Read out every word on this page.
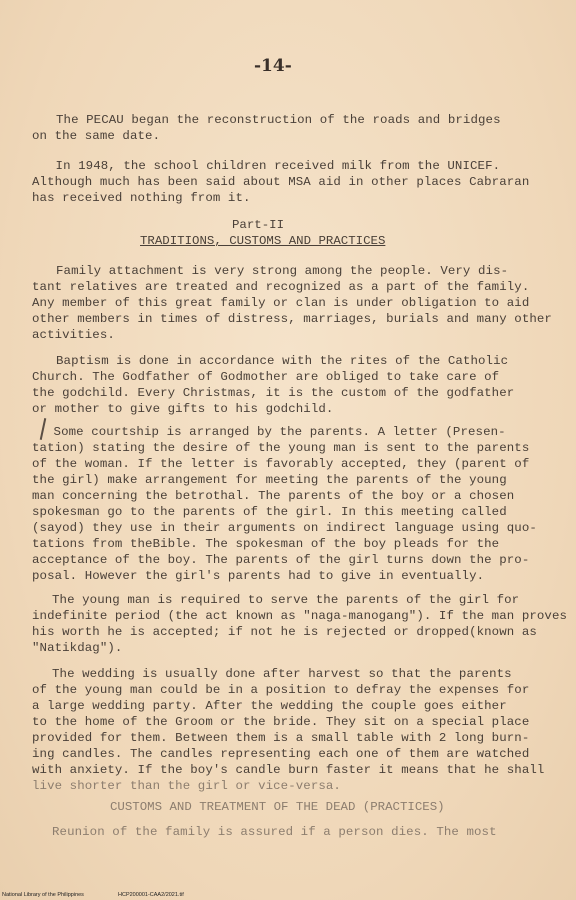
-14-
The PECAU began the reconstruction of the roads and bridges
on the same date.
In 1948, the school children received milk from the UNICEF.
Although much has been said about MSA aid in other places Cabraran
has received nothing from it.
Part-II
TRADITIONS, CUSTOMS AND PRACTICES
Family attachment is very strong among the people. Very dis-
tant relatives are treated and recognized as a part of the family.
Any member of this great family or clan is under obligation to aid
other members in times of distress, marriages, burials and many other
activities.
Baptism is done in accordance with the rites of the Catholic
Church. The Godfather of Godmother are obliged to take care of
the godchild. Every Christmas, it is the custom of the godfather
or mother to give gifts to his godchild.
Some courtship is arranged by the parents. A letter (Presen-
tation) stating the desire of the young man is sent to the parents
of the woman. If the letter is favorably accepted, they (parent of
the girl) make arrangement for meeting the parents of the young
man concerning the betrothal. The parents of the boy or a chosen
spokesman go to the parents of the girl. In this meeting called
(sayod) they use in their arguments on indirect language using quo-
tations from theBible. The spokesman of the boy pleads for the
acceptance of the boy. The parents of the girl turns down the pro-
posal. However the girl's parents had to give in eventually.
The young man is required to serve the parents of the girl for
indefinite period (the act known as "naga-manogang"). If the man proves
his worth he is accepted; if not he is rejected or dropped(known as
"Natikdag").
The wedding is usually done after harvest so that the parents
of the young man could be in a position to defray the expenses for
a large wedding party. After the wedding the couple goes either
to the home of the Groom or the bride. They sit on a special place
provided for them. Between them is a small table with 2 long burn-
ing candles. The candles representing each one of them are watched
with anxiety. If the boy's candle burn faster it means that he shall
live shorter than the girl or vice-versa.
CUSTOMS AND TREATMENT OF THE DEAD (PRACTICES)
Reunion of the family is assured if a person dies. The most
National Library of the Philippines	HCP200001-CAA2/2021.tif
